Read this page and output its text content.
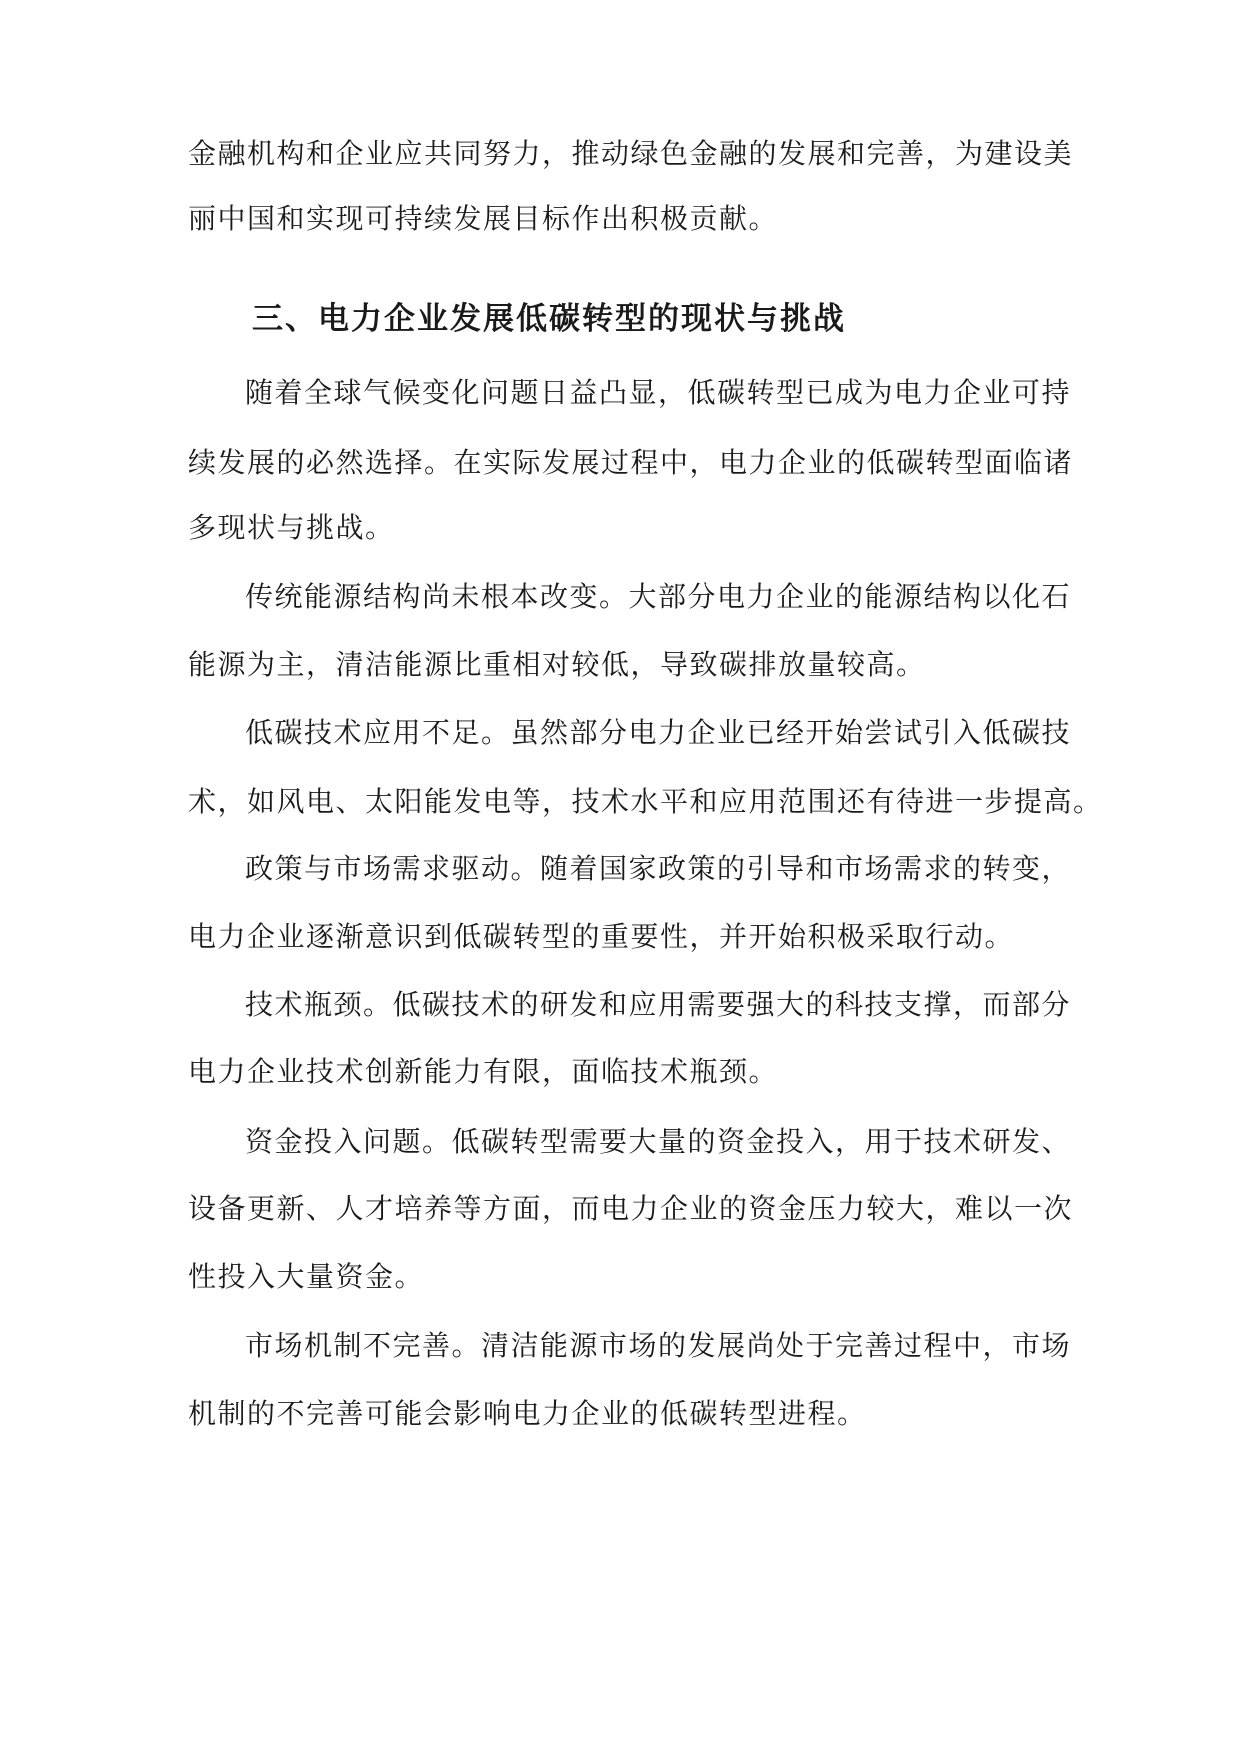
金融机构和企业应共同努力，推动绿色金融的发展和完善，为建设美
丽中国和实现可持续发展目标作出积极贡献。
三、电力企业发展低碳转型的现状与挑战
随着全球气候变化问题日益凸显，低碳转型已成为电力企业可持
续发展的必然选择。在实际发展过程中，电力企业的低碳转型面临诸
多现状与挑战。
传统能源结构尚未根本改变。大部分电力企业的能源结构以化石
能源为主，清洁能源比重相对较低，导致碳排放量较高。
低碳技术应用不足。虽然部分电力企业已经开始尝试引入低碳技
术，如风电、太阳能发电等，技术水平和应用范围还有待进一步提高。
政策与市场需求驱动。随着国家政策的引导和市场需求的转变，
电力企业逐渐意识到低碳转型的重要性，并开始积极采取行动。
技术瓶颈。低碳技术的研发和应用需要强大的科技支撑，而部分
电力企业技术创新能力有限，面临技术瓶颈。
资金投入问题。低碳转型需要大量的资金投入，用于技术研发、
设备更新、人才培养等方面，而电力企业的资金压力较大，难以一次
性投入大量资金。
市场机制不完善。清洁能源市场的发展尚处于完善过程中，市场
机制的不完善可能会影响电力企业的低碳转型进程。
